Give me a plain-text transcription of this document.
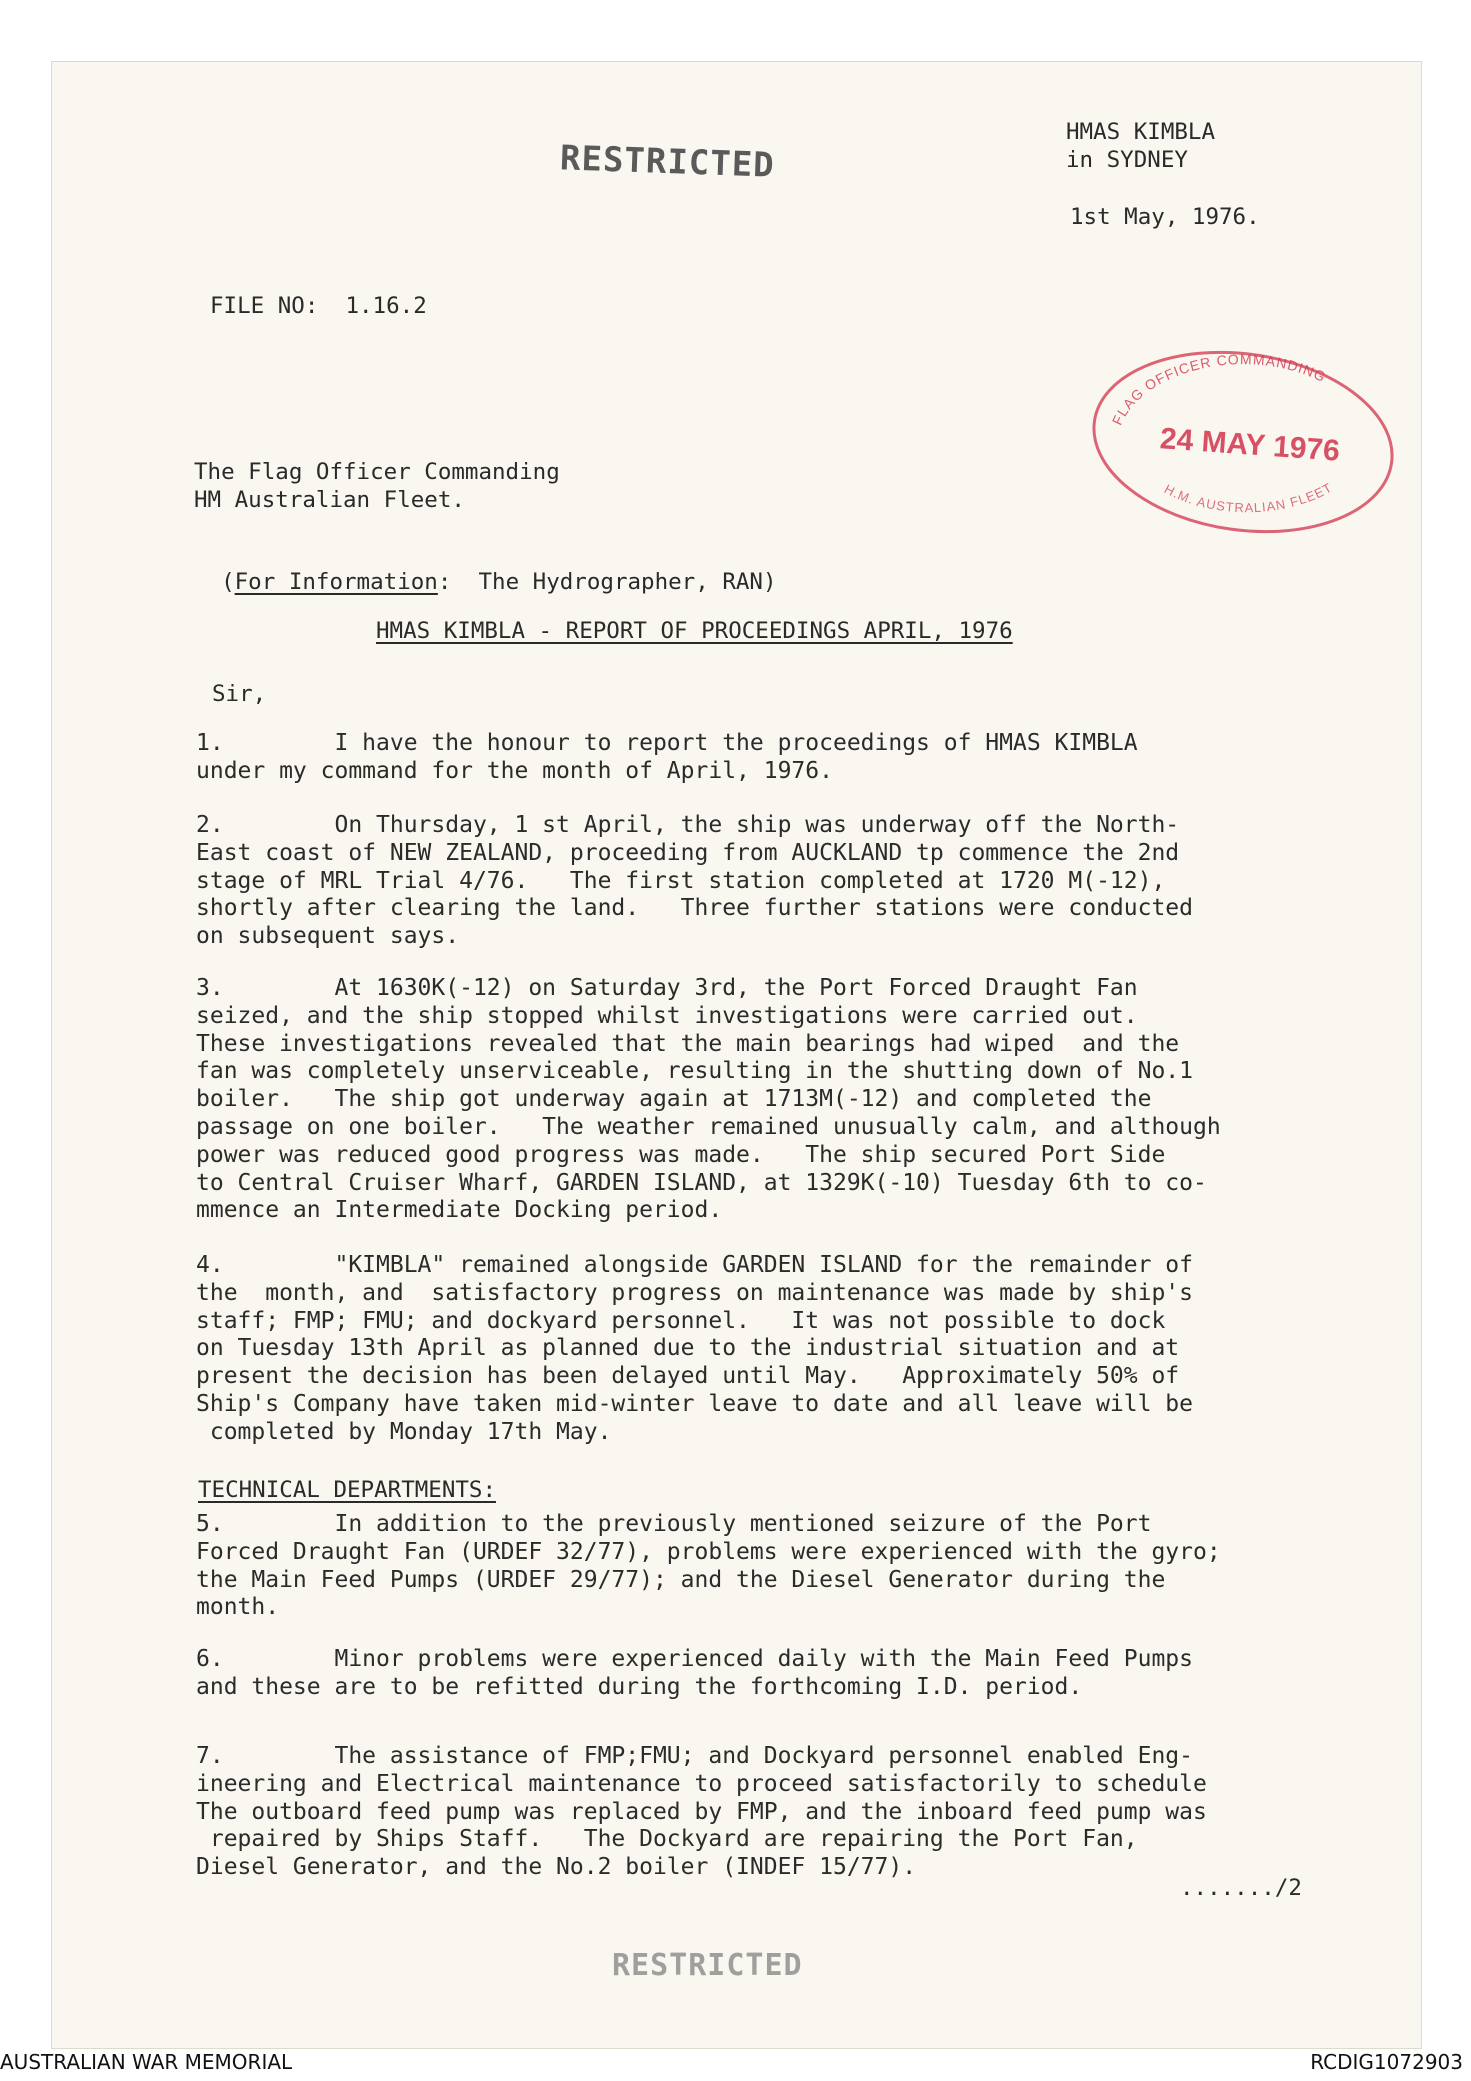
RESTRICTED
HMAS KIMBLA
in SYDNEY
1st May, 1976.
FILE NO:  1.16.2
FLAG OFFICER COMMANDING
24 MAY 1976
H.M. AUSTRALIAN FLEET
The Flag Officer Commanding
HM Australian Fleet.

(For Information:  The Hydrographer, RAN)

HMAS KIMBLA - REPORT OF PROCEEDINGS APRIL, 1976
Sir,
1.        I have the honour to report the proceedings of HMAS KIMBLA
under my command for the month of April, 1976.
2.        On Thursday, 1 st April, the ship was underway off the North-
East coast of NEW ZEALAND, proceeding from AUCKLAND tp commence the 2nd
stage of MRL Trial 4/76.   The first station completed at 1720 M(-12),
shortly after clearing the land.   Three further stations were conducted
on subsequent says.
3.        At 1630K(-12) on Saturday 3rd, the Port Forced Draught Fan
seized, and the ship stopped whilst investigations were carried out.
These investigations revealed that the main bearings had wiped  and the
fan was completely unserviceable, resulting in the shutting down of No.1
boiler.   The ship got underway again at 1713M(-12) and completed the
passage on one boiler.   The weather remained unusually calm, and although
power was reduced good progress was made.   The ship secured Port Side
to Central Cruiser Wharf, GARDEN ISLAND, at 1329K(-10) Tuesday 6th to co-
mmence an Intermediate Docking period.
4.        "KIMBLA" remained alongside GARDEN ISLAND for the remainder of
the  month, and  satisfactory progress on maintenance was made by ship's
staff; FMP; FMU; and dockyard personnel.   It was not possible to dock
on Tuesday 13th April as planned due to the industrial situation and at
present the decision has been delayed until May.   Approximately 50% of
Ship's Company have taken mid-winter leave to date and all leave will be
completed by Monday 17th May.
TECHNICAL DEPARTMENTS:
5.        In addition to the previously mentioned seizure of the Port
Forced Draught Fan (URDEF 32/77), problems were experienced with the gyro;
the Main Feed Pumps (URDEF 29/77); and the Diesel Generator during the
month.
6.        Minor problems were experienced daily with the Main Feed Pumps
and these are to be refitted during the forthcoming I.D. period.
7.        The assistance of FMP;FMU; and Dockyard personnel enabled Eng-
ineering and Electrical maintenance to proceed satisfactorily to schedule
The outboard feed pump was replaced by FMP, and the inboard feed pump was
repaired by Ships Staff.   The Dockyard are repairing the Port Fan,
Diesel Generator, and the No.2 boiler (INDEF 15/77).
......./2
RESTRICTED
AUSTRALIAN WAR MEMORIAL	RCDIG1072903
